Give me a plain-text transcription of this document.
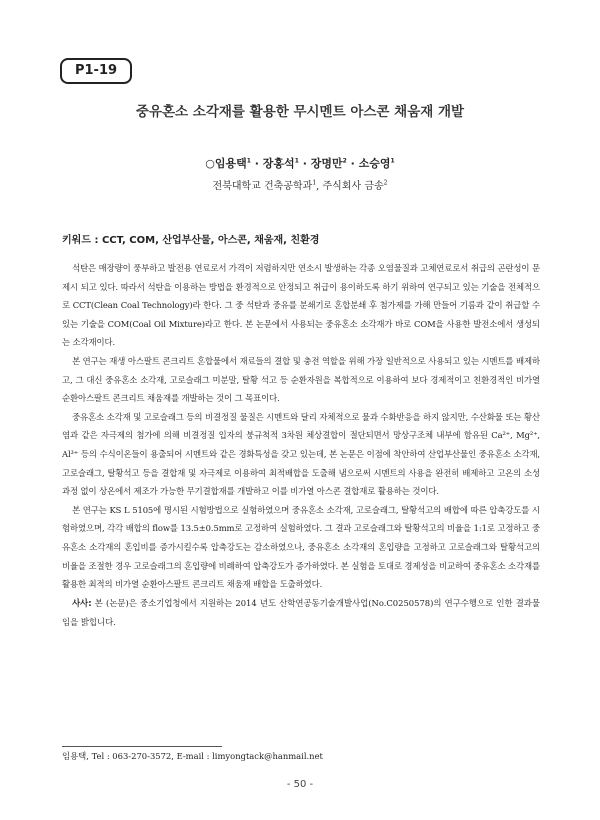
P1-19
중유혼소 소각재를 활용한 무시멘트 아스콘 채움재 개발
○임용택$^1$ · 장홍석$^1$ · 장명만$^2$ · 소승영$^1$
전북대학교 건축공학과$^1$, 주식회사 금송$^2$
키워드 : CCT, COM, 산업부산물, 아스콘, 채움재, 친환경

석탄은 매장량이 풍부하고 발전용 연료로서 가격이 저렴하지만 연소시 발생하는 각종 오염물질과 고체연료로서 취급의 곤란성이 문제시 되고 있다. 따라서 석탄을 이용하는 방법을 환경적으로 안정되고 취급이 용이하도록 하기 위하여 연구되고 있는 기술을 전체적으로 CCT(Clean Coal Technology)라 한다. 그 중 석탄과 중유를 분쇄기로 혼합분쇄 후 첨가제를 가해 만들어 기름과 같이 취급할 수 있는 기술을 COM(Coal Oil Mixture)라고 한다. 본 논문에서 사용되는 중유혼소 소각재가 바로 COM을 사용한 발전소에서 생성되는 소각재이다.

본 연구는 재생 아스팔트 콘크리트 혼합물에서 재료들의 결합 및 충전 역할을 위해 가장 일반적으로 사용되고 있는 시멘트를 배제하고, 그 대신 중유혼소 소각재, 고로슬래그 미분말, 탈황 석고 등 순환자원을 복합적으로 이용하여 보다 경제적이고 친환경적인 비가열 순환아스팔트 콘크리트 채움재를 개발하는 것이 그 목표이다.

중유혼소 소각재 및 고로슬래그 등의 비결정질 물질은 시멘트와 달리 자체적으로 물과 수화반응을 하지 않지만, 수산화물 또는 황산염과 같은 자극제의 첨가에 의해 비결정질 입자의 붕규척적 3차원 체상결합이 절단되면서 망상구조체 내부에 함유된 Ca²⁺, Mg²⁺, Al³⁺ 등의 수식이온들이 용출되어 시멘트와 같은 경화특성을 갖고 있는데, 본 논문은 이점에 착안하여 산업부산물인 중유혼소 소각재, 고로슬래그, 탈황석고 등을 결합재 및 자극제로 이용하여 최적배합을 도출해 냄으로써 시멘트의 사용을 완전히 배제하고 고온의 소성과정 없이 상온에서 제조가 가능한 무기결합재를 개발하고 이를 비가열 아스콘 결합재로 활용하는 것이다.

본 연구는 KS L 5105에 명시된 시험방법으로 실험하였으며 중유혼소 소각재, 고로슬래그, 탈황석고의 배합에 따른 압축강도를 시험하였으며, 각각 배합의 flow를 13.5±0.5mm로 고정하여 실험하였다. 그 결과 고로슬래그와 탈황석고의 비율을 1:1로 고정하고 중유혼소 소각재의 혼입비를 증가시킬수록 압축강도는 감소하였으나, 중유혼소 소각재의 혼입량을 고정하고 고로슬래그와 탈황석고의 비율을 조절한 경우 고로슬래그의 혼입량에 비례하여 압축강도가 증가하였다. 본 실험을 토대로 경제성을 비교하여 중유혼소 소각재를 활용한 최적의 비가열 순환아스팔트 콘크리트 채움재 배합을 도출하였다.

사사: 본 (논문)은 중소기업청에서 지원하는 2014 년도 산학연공동기술개발사업(No.C0250578)의 연구수행으로 인한 결과물임을 밝힙니다.
임용택, Tel : 063-270-3572, E-mail : limyongtack@hanmail.net
- 50 -
